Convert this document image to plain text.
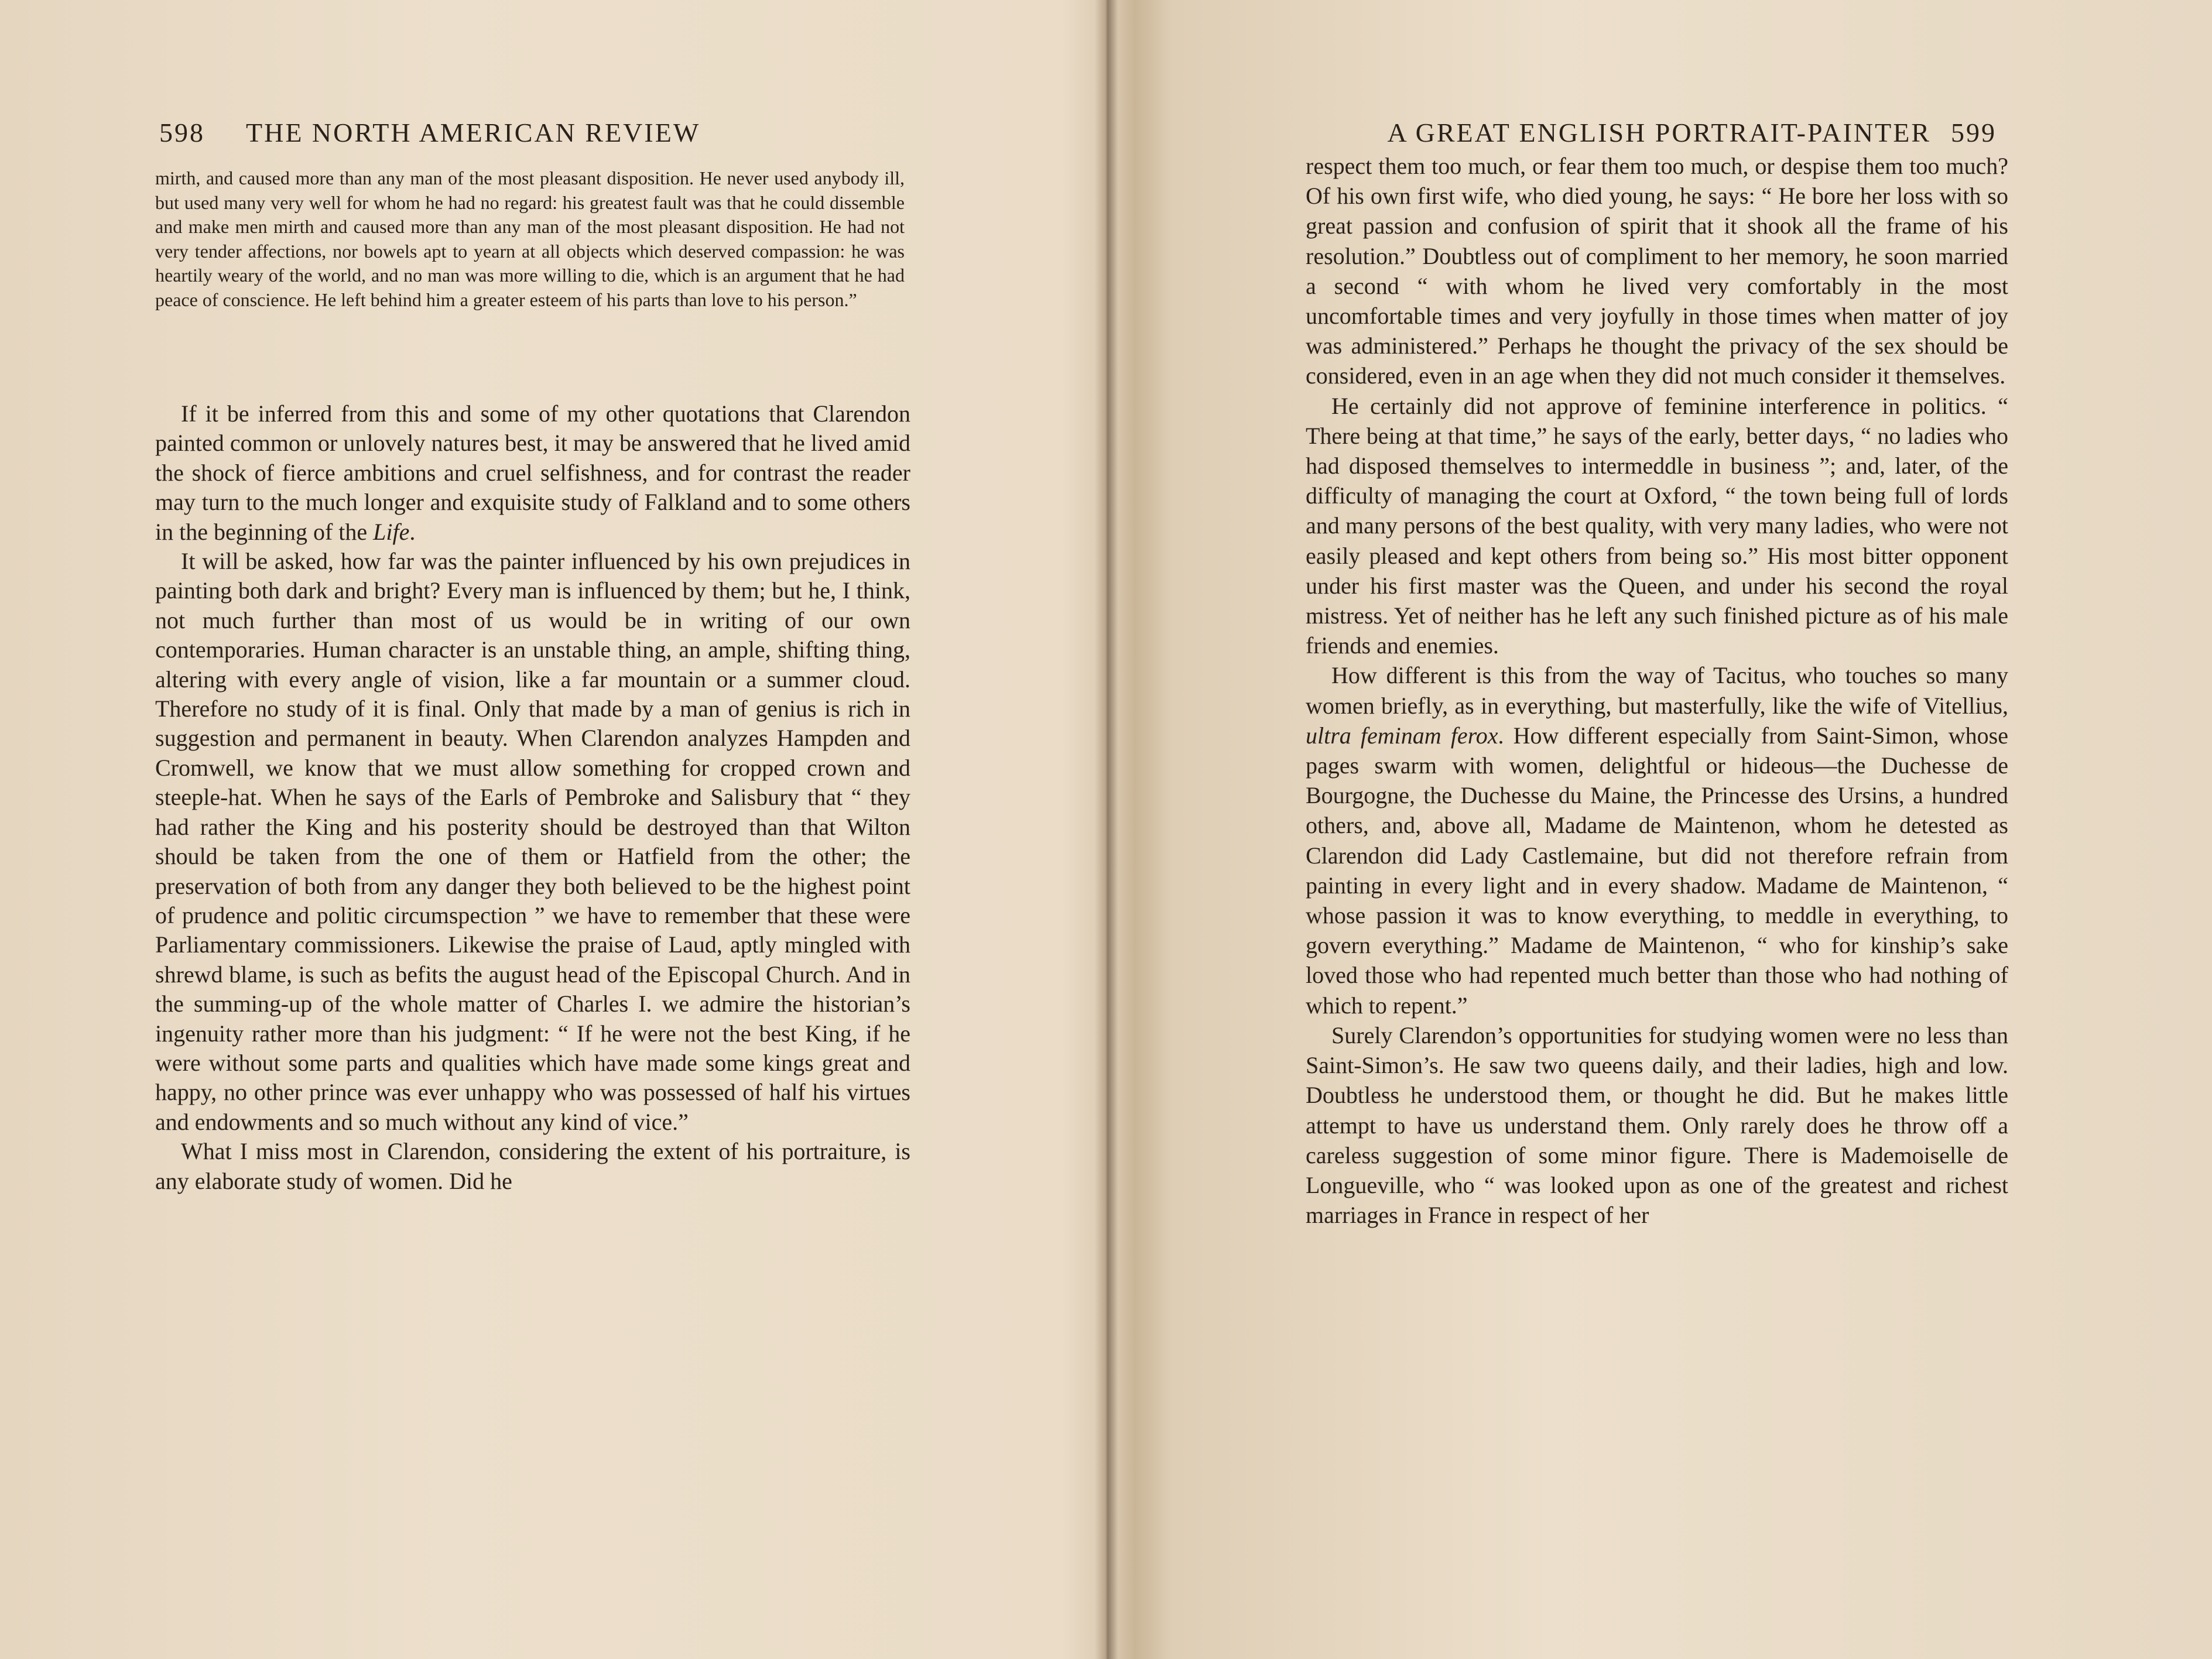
598 THE NORTH AMERICAN REVIEW
mirth, and caused more than any man of the most pleasant disposition. He never used anybody ill, but used many very well for whom he had no regard: his greatest fault was that he could dissemble and make men mirth and caused more than any man of the most pleasant disposition. He had not very tender affections, nor bowels apt to yearn at all objects which deserved compassion: he was heartily weary of the world, and no man was more willing to die, which is an argument that he had peace of conscience. He left behind him a greater esteem of his parts than love to his person.”

If it be inferred from this and some of my other quotations that Clarendon painted common or unlovely natures best, it may be answered that he lived amid the shock of fierce ambitions and cruel selfishness, and for contrast the reader may turn to the much longer and exquisite study of Falkland and to some others in the beginning of the Life.

It will be asked, how far was the painter influenced by his own prejudices in painting both dark and bright? Every man is influenced by them; but he, I think, not much further than most of us would be in writing of our own contemporaries. Human character is an unstable thing, an ample, shifting thing, altering with every angle of vision, like a far mountain or a summer cloud. Therefore no study of it is final. Only that made by a man of genius is rich in suggestion and permanent in beauty. When Clarendon analyzes Hampden and Cromwell, we know that we must allow something for cropped crown and steeple-hat. When he says of the Earls of Pembroke and Salisbury that “ they had rather the King and his posterity should be destroyed than that Wilton should be taken from the one of them or Hatfield from the other; the preservation of both from any danger they both believed to be the highest point of prudence and politic circumspection ” we have to remember that these were Parliamentary commissioners. Likewise the praise of Laud, aptly mingled with shrewd blame, is such as befits the august head of the Episcopal Church. And in the summing-up of the whole matter of Charles I. we admire the historian’s ingenuity rather more than his judgment: “ If he were not the best King, if he were without some parts and qualities which have made some kings great and happy, no other prince was ever unhappy who was possessed of half his virtues and endowments and so much without any kind of vice.”

What I miss most in Clarendon, considering the extent of his portraiture, is any elaborate study of women. Did he

A GREAT ENGLISH PORTRAIT-PAINTER 599

respect them too much, or fear them too much, or despise them too much? Of his own first wife, who died young, he says: “ He bore her loss with so great passion and confusion of spirit that it shook all the frame of his resolution.” Doubtless out of compliment to her memory, he soon married a second “ with whom he lived very comfortably in the most uncomfortable times and very joyfully in those times when matter of joy was administered.” Perhaps he thought the privacy of the sex should be considered, even in an age when they did not much consider it themselves.

He certainly did not approve of feminine interference in politics. “ There being at that time,” he says of the early, better days, “ no ladies who had disposed themselves to intermeddle in business ”; and, later, of the difficulty of managing the court at Oxford, “ the town being full of lords and many persons of the best quality, with very many ladies, who were not easily pleased and kept others from being so.” His most bitter opponent under his first master was the Queen, and under his second the royal mistress. Yet of neither has he left any such finished picture as of his male friends and enemies.

How different is this from the way of Tacitus, who touches so many women briefly, as in everything, but masterfully, like the wife of Vitellius, ultra feminam ferox. How different especially from Saint-Simon, whose pages swarm with women, delightful or hideous—the Duchesse de Bourgogne, the Duchesse du Maine, the Princesse des Ursins, a hundred others, and, above all, Madame de Maintenon, whom he detested as Clarendon did Lady Castlemaine, but did not therefore refrain from painting in every light and in every shadow. Madame de Maintenon, “ whose passion it was to know everything, to meddle in everything, to govern everything.” Madame de Maintenon, “ who for kinship’s sake loved those who had repented much better than those who had nothing of which to repent.”

Surely Clarendon’s opportunities for studying women were no less than Saint-Simon’s. He saw two queens daily, and their ladies, high and low. Doubtless he understood them, or thought he did. But he makes little attempt to have us understand them. Only rarely does he throw off a careless suggestion of some minor figure. There is Mademoiselle de Longueville, who “ was looked upon as one of the greatest and richest marriages in France in respect of her
